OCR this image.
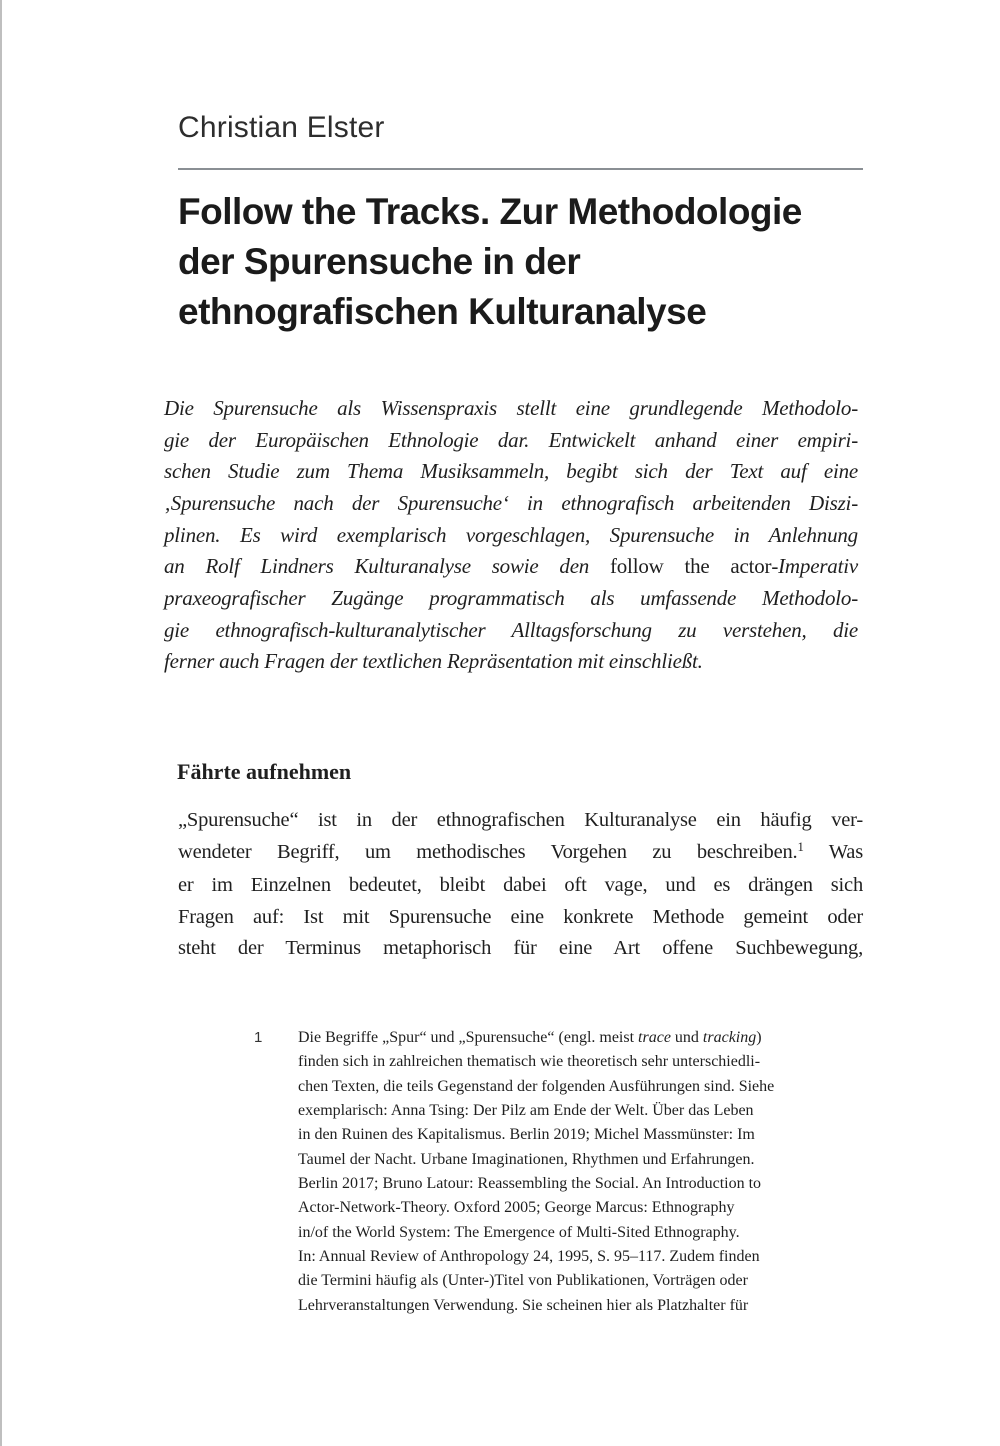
Christian Elster
Follow the Tracks. Zur Methodologie
der Spurensuche in der
ethnografischen Kulturanalyse
Die Spurensuche als Wissenspraxis stellt eine grundlegende Methodolo-
gie der Europäischen Ethnologie dar. Entwickelt anhand einer empiri-
schen Studie zum Thema Musiksammeln, begibt sich der Text auf eine
‚Spurensuche nach der Spurensuche‘ in ethnografisch arbeitenden Diszi-
plinen. Es wird exemplarisch vorgeschlagen, Spurensuche in Anlehnung
an Rolf Lindners Kulturanalyse sowie den follow the actor-Imperativ
praxeografischer Zugänge programmatisch als umfassende Methodolo-
gie ethnografisch-kulturanalytischer Alltagsforschung zu verstehen, die
ferner auch Fragen der textlichen Repräsentation mit einschließt.
Fährte aufnehmen
„Spurensuche“ ist in der ethnografischen Kulturanalyse ein häufig ver-
wendeter Begriff, um methodisches Vorgehen zu beschreiben.$^1$ Was
er im Einzelnen bedeutet, bleibt dabei oft vage, und es drängen sich
Fragen auf: Ist mit Spurensuche eine konkrete Methode gemeint oder
steht der Terminus metaphorisch für eine Art offene Suchbewegung,
1	Die Begriffe „Spur“ und „Spurensuche“ (engl. meist trace und tracking)
finden sich in zahlreichen thematisch wie theoretisch sehr unterschiedli-
chen Texten, die teils Gegenstand der folgenden Ausführungen sind. Siehe
exemplarisch: Anna Tsing: Der Pilz am Ende der Welt. Über das Leben
in den Ruinen des Kapitalismus. Berlin 2019; Michel Massmünster: Im
Taumel der Nacht. Urbane Imaginationen, Rhythmen und Erfahrungen.
Berlin 2017; Bruno Latour: Reassembling the Social. An Introduction to
Actor-Network-Theory. Oxford 2005; George Marcus: Ethnography
in/of the World System: The Emergence of Multi-Sited Ethnography.
In: Annual Review of Anthropology 24, 1995, S. 95–117. Zudem finden
die Termini häufig als (Unter-)Titel von Publikationen, Vorträgen oder
Lehrveranstaltungen Verwendung. Sie scheinen hier als Platzhalter für
